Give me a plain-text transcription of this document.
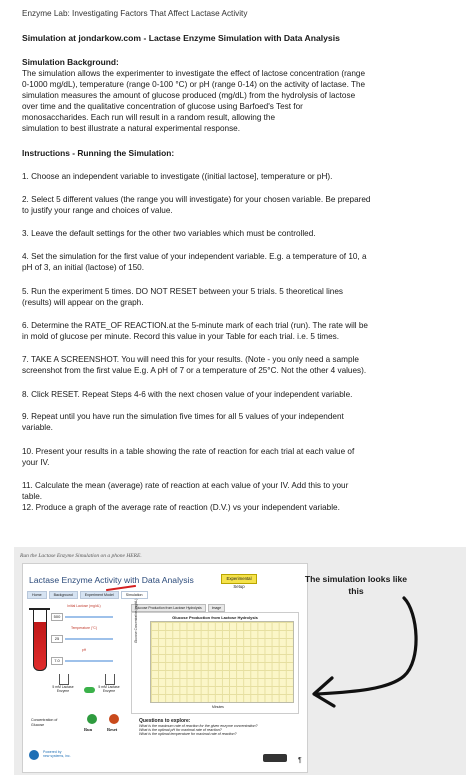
Enzyme Lab: Investigating Factors That Affect Lactase Activity
Simulation at jondarkow.com - Lactase Enzyme Simulation with Data Analysis
Simulation Background:
The simulation allows the experimenter to investigate the effect of lactose concentration (range
0-1000 mg/dL), temperature (range 0-100 °C) or pH (range 0-14) on the activity of lactase. The
simulation measures the amount of glucose produced (mg/dL) from the hydrolysis of lactose
over time and the qualitative concentration of glucose using Barfoed's Test for
monosaccharides. Each run will result in a random result, allowing the
simulation to best illustrate a natural experimental response.
Instructions - Running the Simulation:
1. Choose an independent variable to investigate ((initial lactose], temperature or pH).
2. Select 5 different values (the range you will investigate) for your chosen variable. Be prepared
to justify your range and choices of value.
3. Leave the default settings for the other two variables which must be controlled.
4. Set the simulation for the first value of your independent variable. E.g. a temperature of 10, a
pH of 3, an initial (lactose) of 150.
5. Run the experiment 5 times. DO NOT RESET between your 5 trials. 5 theoretical lines
(results) will appear on the graph.
6. Determine the RATE_OF REACTION.at the 5-minute mark of each trial (run). The rate will be
in mold of glucose per minute. Record this value in your Table for each trial. i.e. 5 times.
7. TAKE A SCREENSHOT. You will need this for your results. (Note - you only need a sample
screenshot from the first value E.g. A pH of 7 or a temperature of 25°C. Not the other 4 values).
8. Click RESET. Repeat Steps 4-6 with the next chosen value of your independent variable.
9. Repeat until you have run the simulation five times for all 5 values of your independent
variable.
10. Present your results in a table showing the rate of reaction for each trial at each value of
your IV.
11. Calculate the mean (average) rate of reaction at each value of your IV. Add this to your
table.
12. Produce a graph of the average rate of reaction (D.V.) vs your independent variable.
Run the Lactase Enzyme Simulation on a phone HERE.
Lactase Enzyme Activity with Data Analysis	Experimental Setup
Home	Background	Experiment Model	Simulation
Initial Lactose (mg/dL)
500
Temperature (°C)
25
pH
7.0
5 mM Lactase Enzyme
5 mM Lactase Enzyme
Concentration of Glucose
Run	Reset
Glucose Production from Lactose Hydrolysis	Image
Glucose Production from Lactose Hydrolysis
Glucose Concentration (mg/dL)
Minutes
Questions to explore:
What is the maximum rate of reaction for the given enzyme concentration?
What is the optimal pH for maximal rate of reaction?
What is the optimal temperature for maximal rate of reaction?
Powered by
new systems, inc.
The simulation looks like this
¶
